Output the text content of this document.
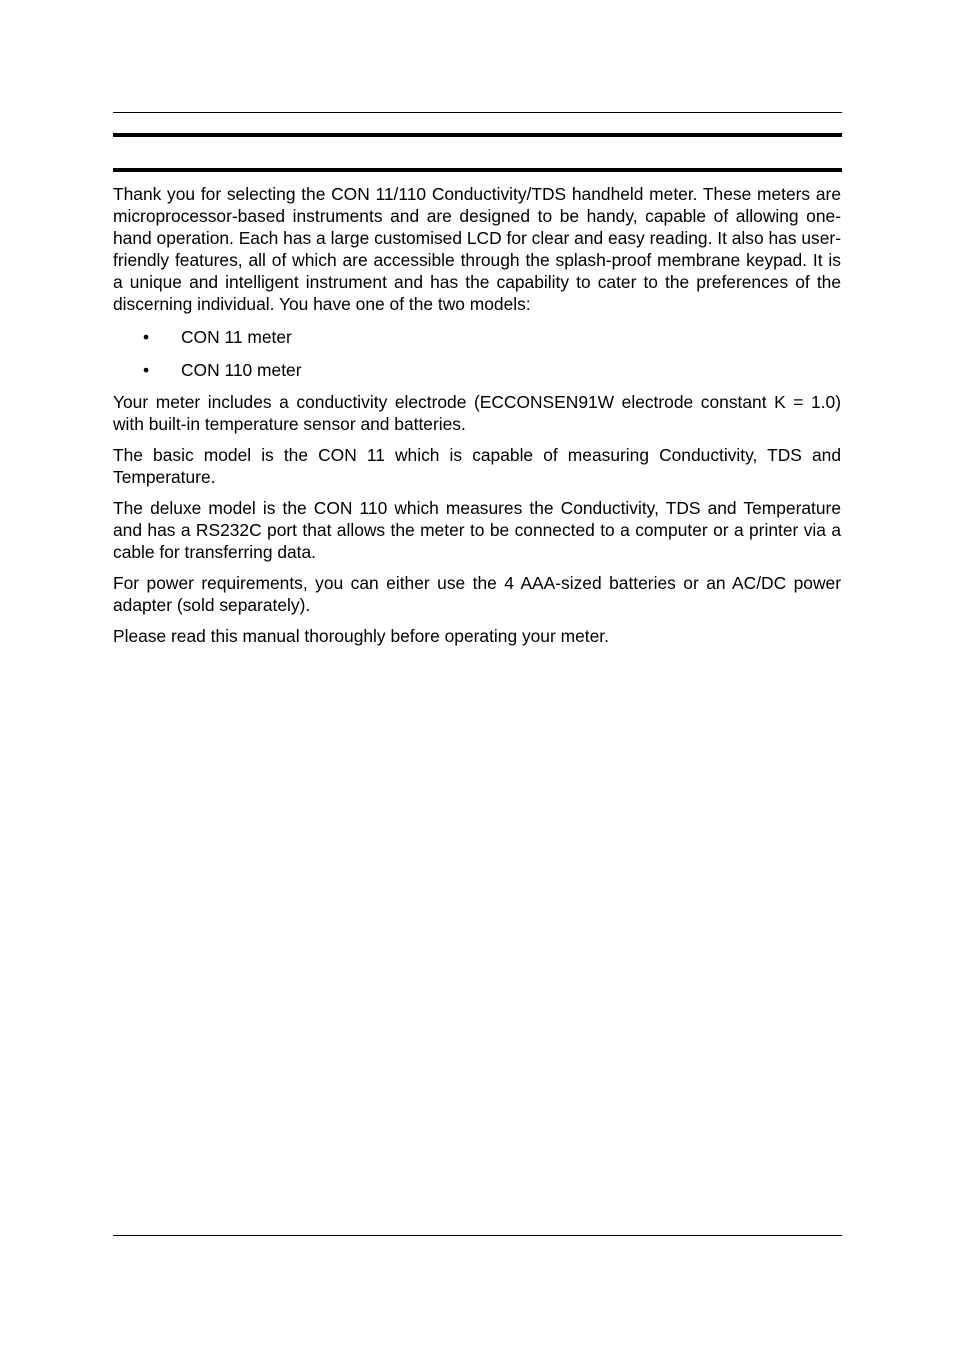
Thank you for selecting the CON 11/110 Conductivity/TDS handheld meter. These meters are microprocessor-based instruments and are designed to be handy, capable of allowing one-hand operation. Each has a large customised LCD for clear and easy reading. It also has user-friendly features, all of which are accessible through the splash-proof membrane keypad. It is a unique and intelligent instrument and has the capability to cater to the preferences of the discerning individual. You have one of the two models:

• CON 11 meter
• CON 110 meter

Your meter includes a conductivity electrode (ECCONSEN91W electrode constant K = 1.0) with built-in temperature sensor and batteries.

The basic model is the CON 11 which is capable of measuring Conductivity, TDS and Temperature.

The deluxe model is the CON 110 which measures the Conductivity, TDS and Temperature and has a RS232C port that allows the meter to be connected to a computer or a printer via a cable for transferring data.

For power requirements, you can either use the 4 AAA-sized batteries or an AC/DC power adapter (sold separately).

Please read this manual thoroughly before operating your meter.
